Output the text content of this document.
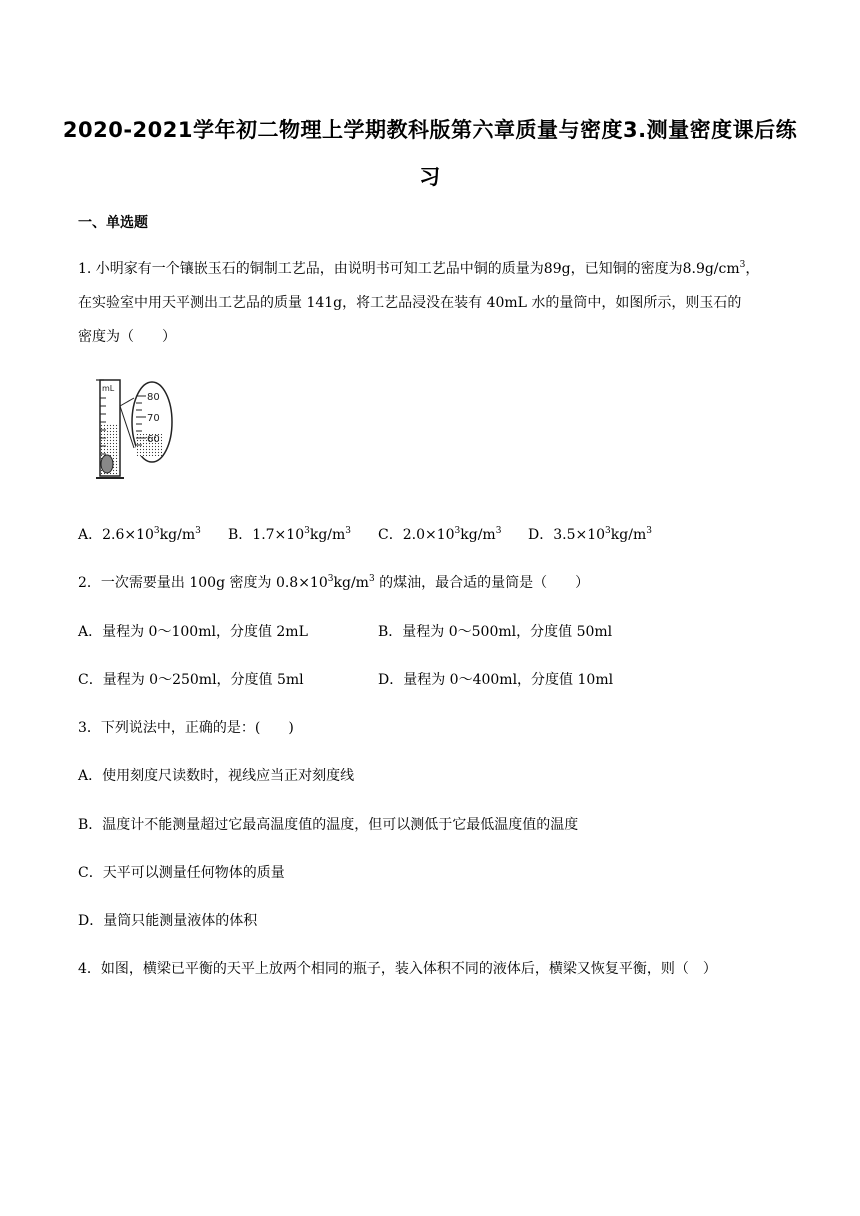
2020-2021学年初二物理上学期教科版第六章质量与密度3.测量密度课后练
习
一、单选题
1. 小明家有一个镶嵌玉石的铜制工艺品，由说明书可知工艺品中铜的质量为89g，已知铜的密度为$8.9g/cm^3$，
在实验室中用天平测出工艺品的质量 141g，将工艺品浸没在装有 40mL 水的量筒中，如图所示，则玉石的
密度为（　　）
mL
80
70
60
A．$2.6\times 10^3kg/m^3$ B．$1.7\times 10^3kg/m^3$ C．$2.0\times 10^3kg/m^3$ D．$3.5\times 10^3kg/m^3$
2．一次需要量出 100g 密度为 $0.8\times 10^3kg/m^3$ 的煤油，最合适的量筒是（　　）
A．量程为 0～100ml，分度值 2mL	B．量程为 0～500ml，分度值 50ml
C．量程为 0～250ml，分度值 5ml	D．量程为 0～400ml，分度值 10ml
3．下列说法中，正确的是：(　　)
A．使用刻度尺读数时，视线应当正对刻度线
B．温度计不能测量超过它最高温度值的温度，但可以测低于它最低温度值的温度
C．天平可以测量任何物体的质量
D．量筒只能测量液体的体积
4．如图，横梁已平衡的天平上放两个相同的瓶子，装入体积不同的液体后，横梁又恢复平衡，则（　）
